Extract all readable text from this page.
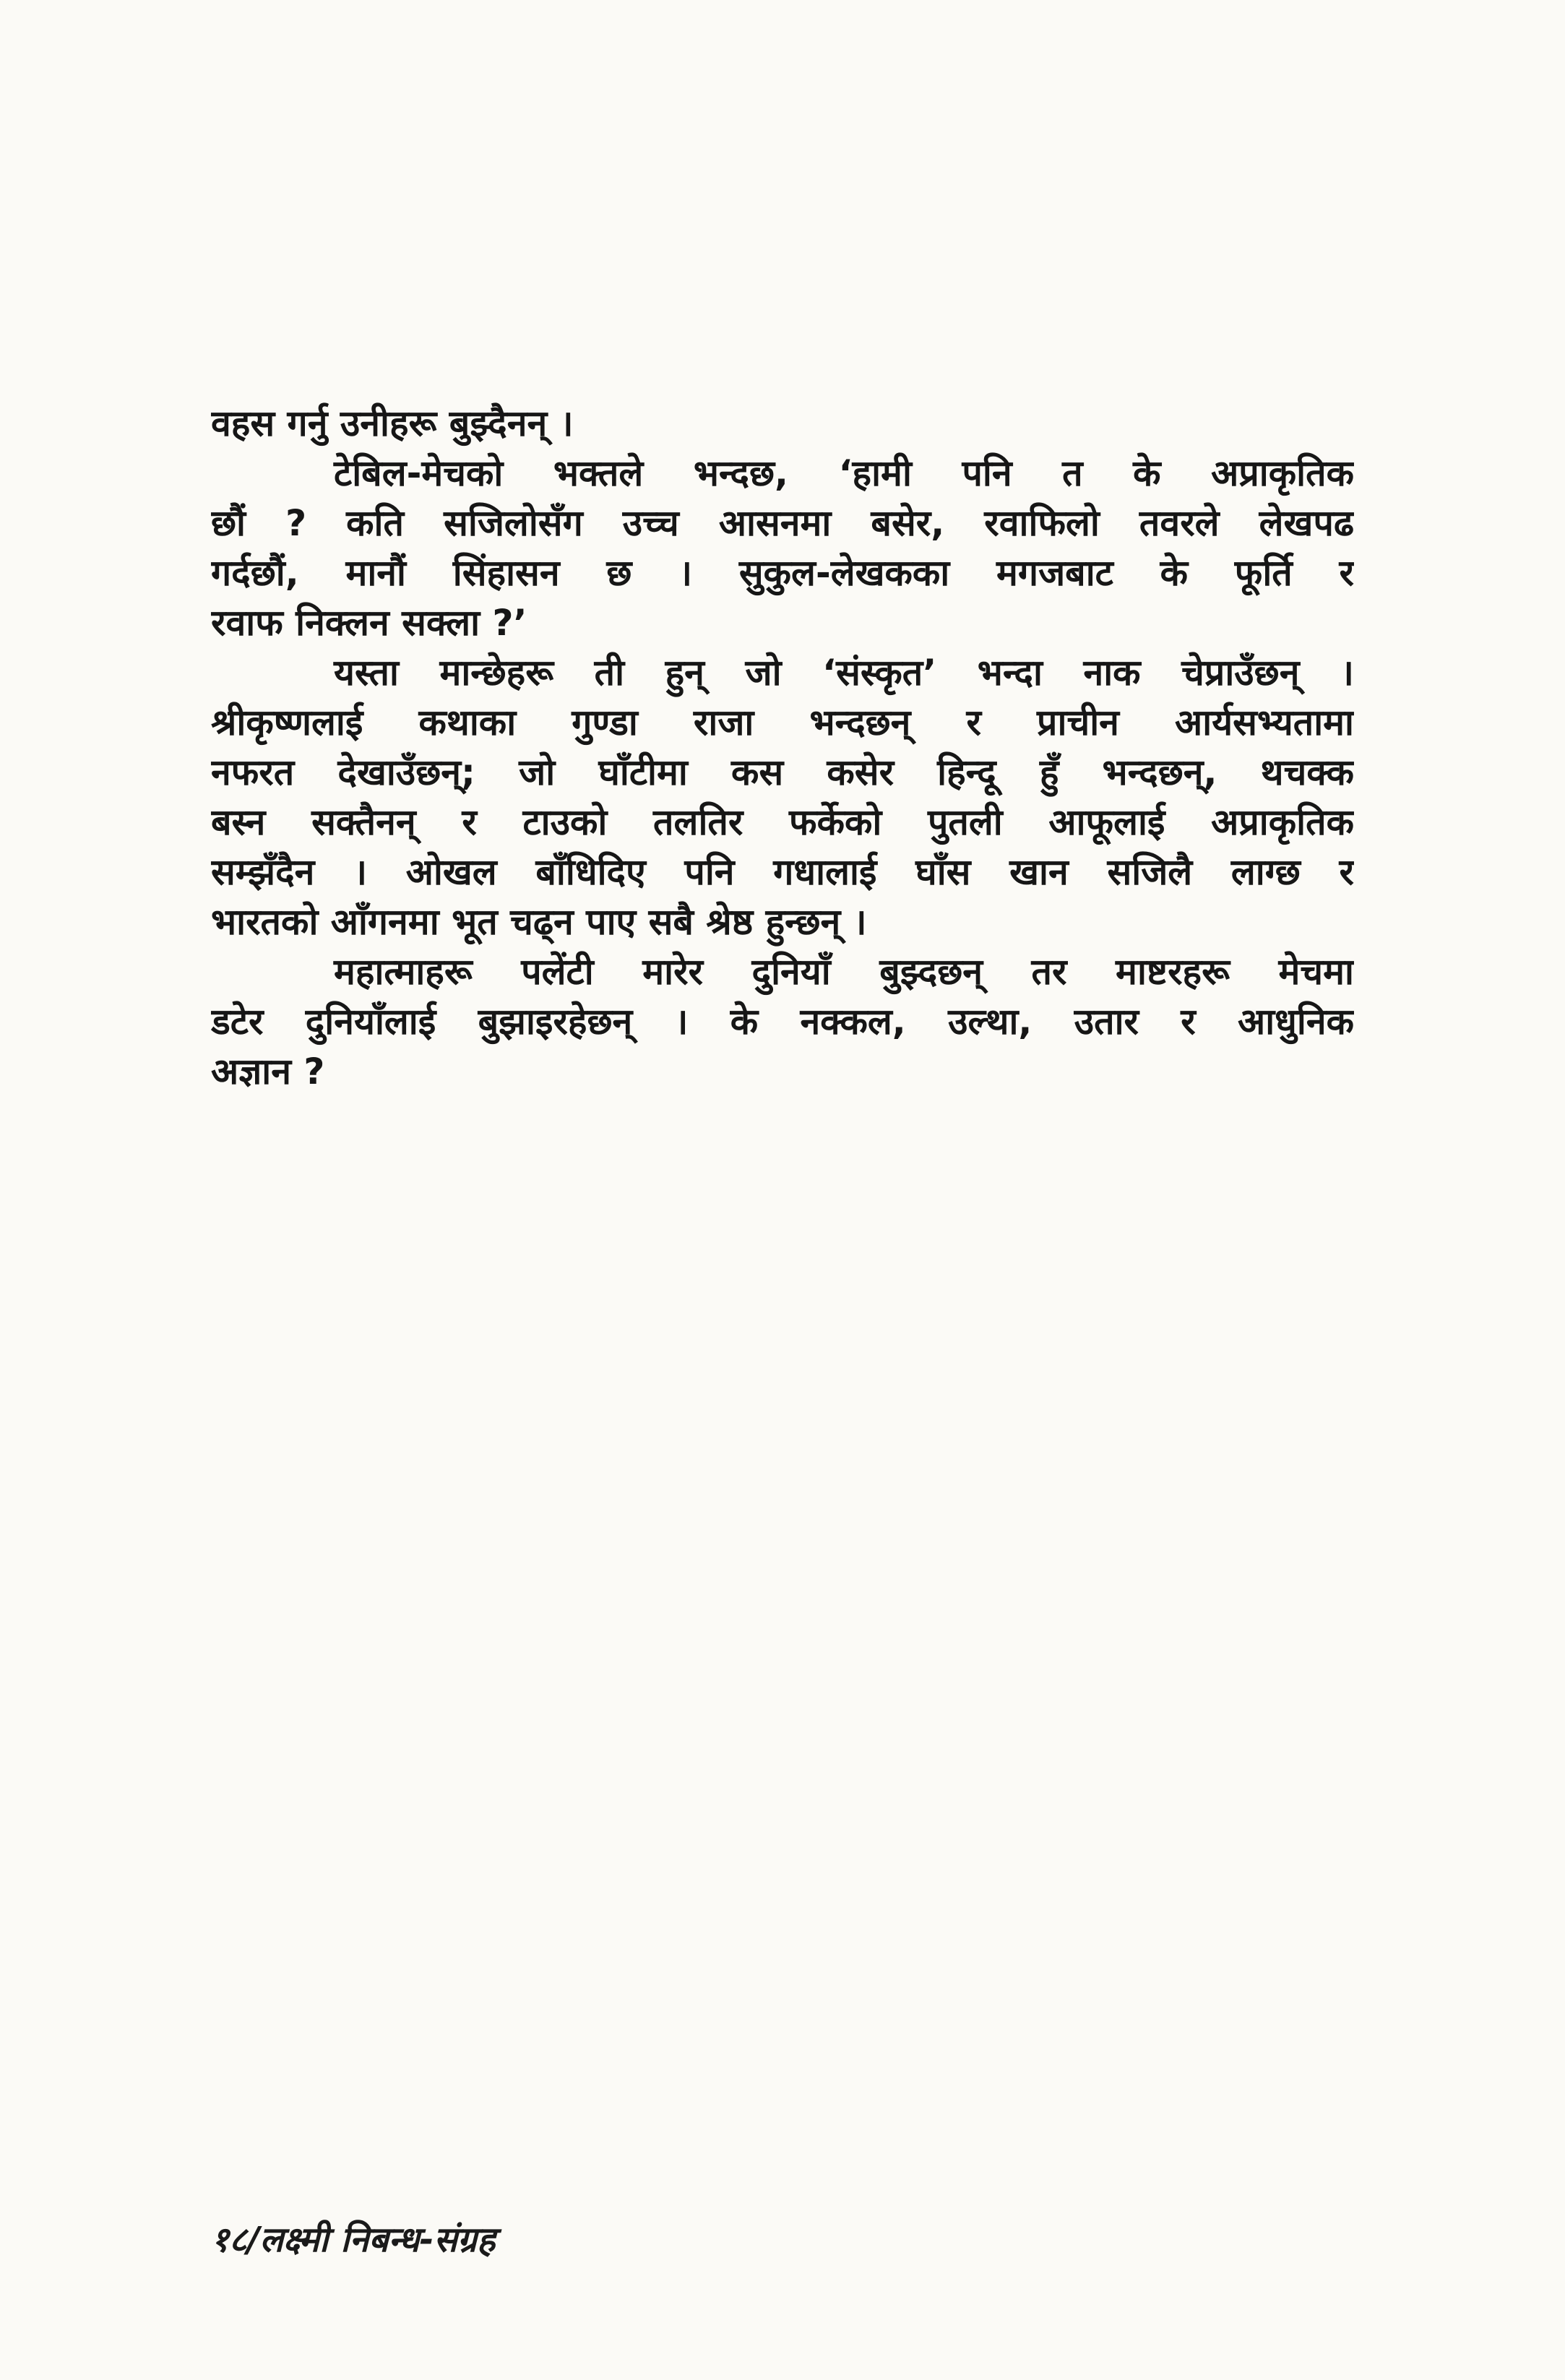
वहस गर्नु उनीहरू बुझ्दैनन् ।
टेबिल-मेचको भक्तले भन्दछ, ‘हामी पनि त के अप्राकृतिक
छौं ? कति सजिलोसँग उच्च आसनमा बसेर, रवाफिलो तवरले लेखपढ
गर्दछौं, मानौं सिंहासन छ । सुकुल-लेखकका मगजबाट के फूर्ति र
रवाफ निक्लन सक्ला ?’
यस्ता मान्छेहरू ती हुन् जो ‘संस्कृत’ भन्दा नाक चेप्राउँछन् ।
श्रीकृष्णलाई कथाका गुण्डा राजा भन्दछन् र प्राचीन आर्यसभ्यतामा
नफरत देखाउँछन्; जो घाँटीमा कस कसेर हिन्दू हुँ भन्दछन्, थचक्क
बस्न सक्तैनन् र टाउको तलतिर फर्केको पुतली आफूलाई अप्राकृतिक
सम्झँदैन । ओखल बाँधिदिए पनि गधालाई घाँस खान सजिलै लाग्छ र
भारतको आँगनमा भूत चढ्न पाए सबै श्रेष्ठ हुन्छन् ।
महात्माहरू पलेंटी मारेर दुनियाँ बुझ्दछन् तर माष्टरहरू मेचमा
डटेर दुनियाँलाई बुझाइरहेछन् । के नक्कल, उल्था, उतार र आधुनिक
अज्ञान ?
१८/लक्ष्मी निबन्ध-संग्रह
